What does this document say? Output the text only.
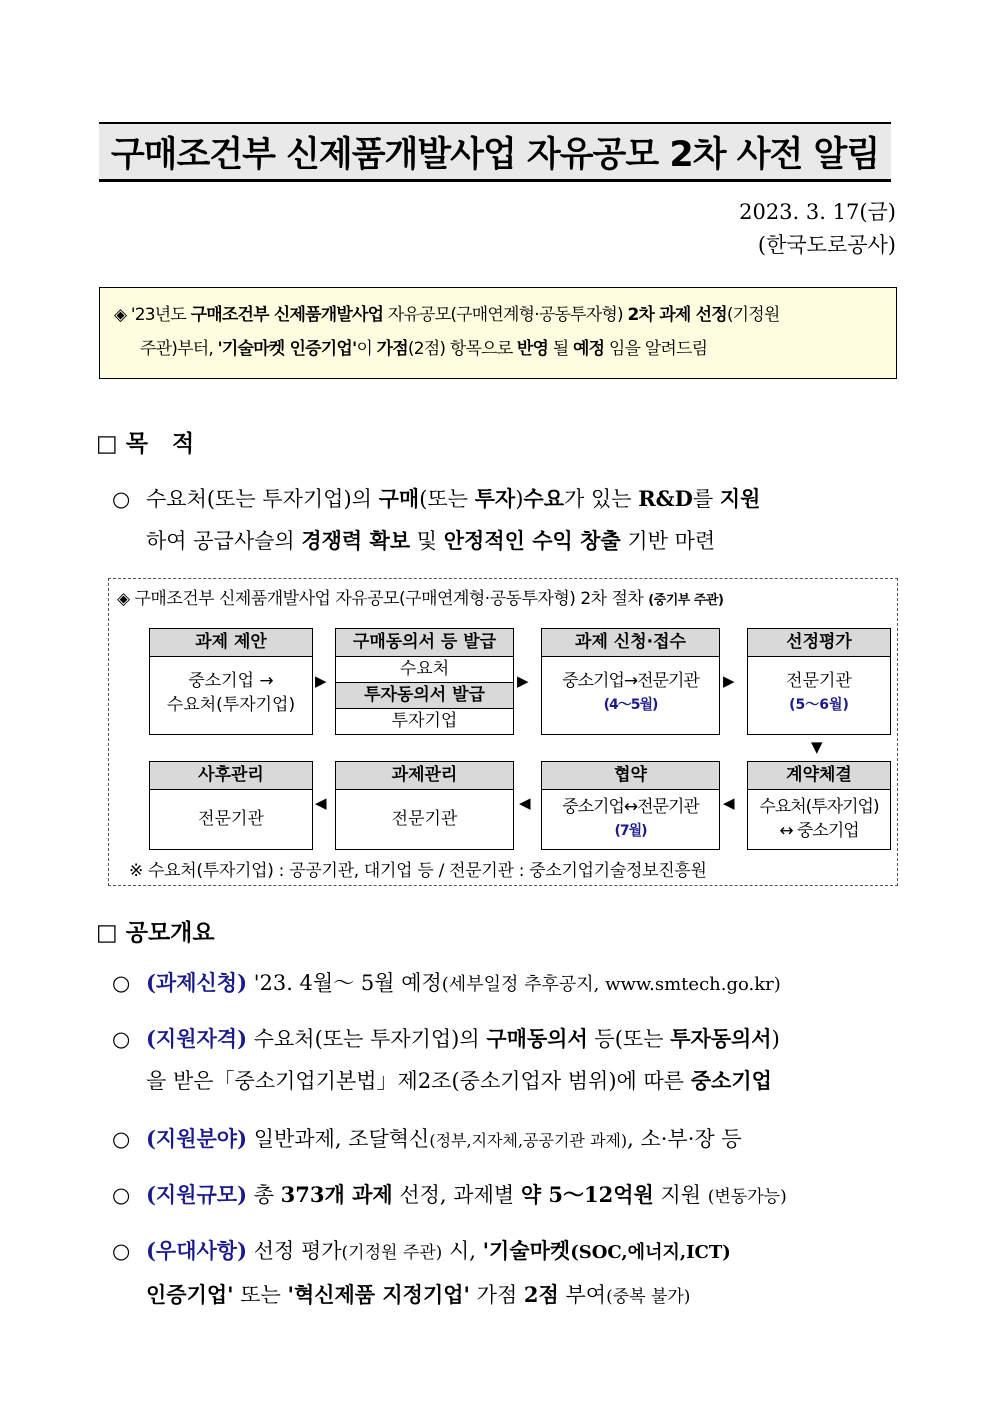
구매조건부 신제품개발사업 자유공모 2차 사전 알림
2023. 3. 17(금)
(한국도로공사)
◈ '23년도 구매조건부 신제품개발사업 자유공모(구매연계형·공동투자형) 2차 과제 선정(기정원
주관)부터, '기술마켓 인증기업'이 가점(2점) 항목으로 반영 될 예정 임을 알려드림
□ 목   적
○ 수요처(또는 투자기업)의 구매(또는 투자)수요가 있는 R&D를 지원
하여 공급사슬의 경쟁력 확보 및 안정적인 수익 창출 기반 마련
◈ 구매조건부 신제품개발사업 자유공모(구매연계형·공동투자형) 2차 절차 (중기부 주관)
과제 제안
중소기업 →
수요처(투자기업)
▶
구매동의서 등 발급
수요처
투자동의서 발급
투자기업
▶
과제 신청·접수
중소기업→전문기관
(4～5월)
▶
선정평가
전문기관
(5～6월)
▼
사후관리
전문기관
◀
과제관리
전문기관
◀
협약
중소기업↔전문기관
(7월)
◀
계약체결
수요처(투자기업)
↔ 중소기업
※ 수요처(투자기업) : 공공기관, 대기업 등 / 전문기관 : 중소기업기술정보진흥원
□ 공모개요
○ (과제신청) '23. 4월～ 5월 예정(세부일정 추후공지, www.smtech.go.kr)
○ (지원자격) 수요처(또는 투자기업)의 구매동의서 등(또는 투자동의서)
을 받은「중소기업기본법」제2조(중소기업자 범위)에 따른 중소기업
○ (지원분야) 일반과제, 조달혁신(정부,지자체,공공기관 과제), 소·부·장 등
○ (지원규모) 총 373개 과제 선정, 과제별 약 5～12억원 지원 (변동가능)
○ (우대사항) 선정 평가(기정원 주관) 시, '기술마켓(SOC,에너지,ICT)
인증기업' 또는 '혁신제품 지정기업' 가점 2점 부여(중복 불가)
